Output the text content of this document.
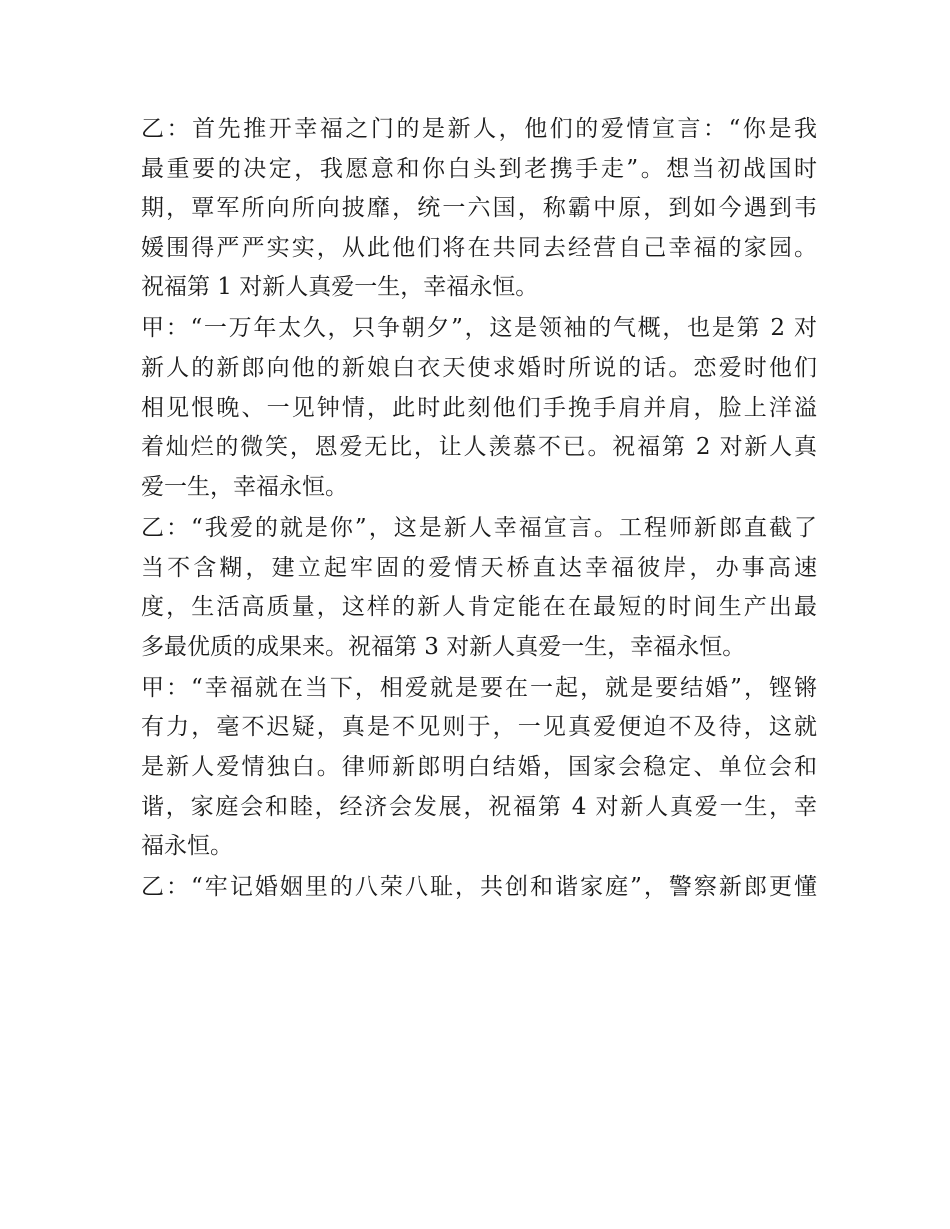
乙：首先推开幸福之门的是新人，他们的爱情宣言：“你是我
最重要的决定，我愿意和你白头到老携手走”。想当初战国时
期，覃军所向所向披靡，统一六国，称霸中原，到如今遇到韦
媛围得严严实实，从此他们将在共同去经营自己幸福的家园。
祝福第 1 对新人真爱一生，幸福永恒。
甲：“一万年太久，只争朝夕”，这是领袖的气概，也是第 2 对
新人的新郎向他的新娘白衣天使求婚时所说的话。恋爱时他们
相见恨晚、一见钟情，此时此刻他们手挽手肩并肩，脸上洋溢
着灿烂的微笑，恩爱无比，让人羡慕不已。祝福第 2 对新人真
爱一生，幸福永恒。
乙：“我爱的就是你”，这是新人幸福宣言。工程师新郎直截了
当不含糊，建立起牢固的爱情天桥直达幸福彼岸，办事高速
度，生活高质量，这样的新人肯定能在在最短的时间生产出最
多最优质的成果来。祝福第 3 对新人真爱一生，幸福永恒。
甲：“幸福就在当下，相爱就是要在一起，就是要结婚”，铿锵
有力，毫不迟疑，真是不见则于，一见真爱便迫不及待，这就
是新人爱情独白。律师新郎明白结婚，国家会稳定、单位会和
谐，家庭会和睦，经济会发展，祝福第 4 对新人真爱一生，幸
福永恒。
乙：“牢记婚姻里的八荣八耻，共创和谐家庭”，警察新郎更懂
